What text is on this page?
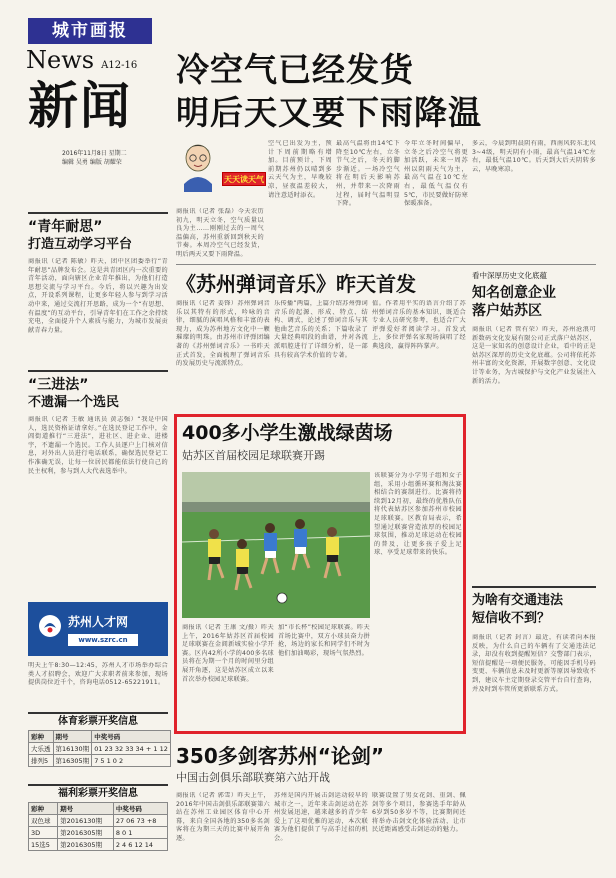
城市画报
News A12-16
新闻
2016年11月8日 星期二
编辑 吴勇 编版 胡耀荣
冷空气已经发货
明后天又要下雨降温
天天读天气
商报讯（记者 张磊）今天农历初九，明天立冬，空气质量以良为主……刚刚过去的一周气温偏高，苏州重新回到秋天的节奏。本周冷空气已经发货，明后两天又要下雨降温。
空气已出发为主，预计下周前期略有增加。目前预计，下周前期苏州仍以晴到多云天气为主，早晚较凉，昼夜温差较大，请注意适时添衣。
最高气温将由14℃下降至10℃左右，立冬节气之后，冬天的脚步渐近。一场冷空气将在明后天影响苏州，并带来一次降雨过程，届时气温明显下降。
今年立冬时间偏早，立冬之后冷空气将更加活跃，未来一周苏州以阴雨天气为主，最高气温在10℃左右，最低气温仅有5℃，市民要做好防寒保暖准备。
多云，今晨到明晨阴有雨，西南风转东北风3~4级，明天阴有小雨，最高气温14℃左右，最低气温10℃。后天到大后天阴转多云，早晚寒凉。
“青年耐思”
打造互动学习平台
商报讯（记者 陈敏）昨天，团中区团委举行“青年耐思”品牌发布会。这是共青团区内一次重要的青年活动，面向辖区企业青年推出，为他们打造思想交流与学习平台。今后，将以兴趣为出发点，开设系列课程，让更多年轻人参与到学习活动中来，通过交流打开思路，成为一个“有思想、有温度”的互动平台，引导青年们在工作之余持续充电，全面提升个人素质与能力，为城市发展贡献青春力量。
“三进法”
不遗漏一个选民
商报讯（记者 王敏 通讯员 黄志强）“我是中国人，选民资格证请拿好。”在选民登记工作中，金阊街道推行“三进法”，进社区、进企业、进楼宇，不遗漏一个选民。工作人员逐户上门核对信息，对外出人员进行电话联系，确保选民登记工作准确无误，让每一位居民都能依法行使自己的民主权利，参与到人大代表选举中。
苏州人才网
www.szrc.cn
明天上午8:30—12:45，苏州人才市场举办综合类人才招聘会，欢迎广大求职者前来参加，现场提供岗位近千个，咨询电话0512-65221911。
体育彩票开奖信息
彩种	期号	中奖号码
大乐透	第16130期	01 23 32 33 34 + 1 12
排列5	第16305期	7 5 1 0 2
福利彩票开奖信息
彩种	期号	中奖号码
双色球	第2016130期	27 06 73 +8
3D	第2016305期	8 0 1
15选5	第2016305期	2 4 6 12 14
《苏州弹词音乐》昨天首发
商报讯（记者 姜锋）苏州弹词音乐以其特有的形式，吟咏的音律，细腻的演唱风格和丰富的表现力，成为苏州地方文化中一颗璀璨的明珠。由苏州市评弹团编著的《苏州弹词音乐》一书昨天正式首发，全面梳理了弹词音乐的发展历史与流派特点。
乐传播”两篇，上篇介绍苏州弹词音乐的起源、形成、特点、结构、调式，论述了弹词音乐与其他曲艺音乐的关系；下篇收录了大量经典唱段的曲谱，并对各流派唱腔进行了详细分析，是一部具有较高学术价值的专著。
值。作者用平实的语言介绍了苏州弹词音乐的基本知识，既适合专业人员研究参考，也适合广大评弹爱好者阅读学习。首发式上，多位评弹名家现场演唱了经典选段，赢得阵阵掌声。
看中深厚历史文化底蕴
知名创意企业
落户姑苏区
商报讯（记者 管有荣）昨天，苏州沧浪可新数码文化发展有限公司正式落户姑苏区，这是一家知名的创意设计企业，看中的正是姑苏区深厚的历史文化底蕴。公司将依托苏州丰富的文化资源，开展数字创意、文化设计等业务，为古城保护与文化产业发展注入新的活力。
为啥有交通违法
短信收不到？
商报讯（记者 封言）最近，有读者向本报反映，为什么自己的车辆有了交通违法记录，却没有收到提醒短信？交警部门表示，短信提醒是一项便民服务，可能因手机号码变更、车辆信息未及时更新等原因导致收不到，建议车主定期登录交管平台自行查询，并及时到车管所更新联系方式。
400多小学生激战绿茵场
姑苏区首届校园足球联赛开踢
该联赛分为小学男子组和女子组，采用小组循环赛和淘汰赛相结合的赛制进行。比赛将持续到12月初，最终的优胜队伍将代表姑苏区参加苏州市校园足球联赛。区教育局表示，希望通过联赛营造浓厚的校园足球氛围，推动足球运动在校园的普及，让更多孩子爱上足球、享受足球带来的快乐。
商报讯（记者 王康 文/摄）昨天上午，2016年姑苏区首届校园足球联赛在金阊新城实验小学开赛。区内42所小学的400多名球员将在为期一个月的时间里分组展开角逐，这是姑苏区成立以来首次举办校园足球联赛。
加“市长杯”校园足球联赛。昨天首场比赛中，双方小球员奋力拼抢，场边的家长和同学们不时为他们加油喝彩，现场气氛热烈。
350多剑客苏州“论剑”
中国击剑俱乐部联赛第六站开战
商报讯（记者 郭雪）昨天上午，2016年中国击剑俱乐部联赛第六站在苏州工业园区体育中心开幕，来自全国各地的350多名剑客将在为期三天的比赛中展开角逐。
苏州是国内开展击剑运动较早的城市之一，近年来击剑运动在苏州发展迅速，越来越多的青少年爱上了这项优雅的运动，本次联赛为他们提供了与高手过招的机会。
联赛设置了男女花剑、重剑、佩剑等多个项目，参赛选手年龄从6岁到50多岁不等，比赛期间还将举办击剑文化体验活动，让市民近距离感受击剑运动的魅力。
